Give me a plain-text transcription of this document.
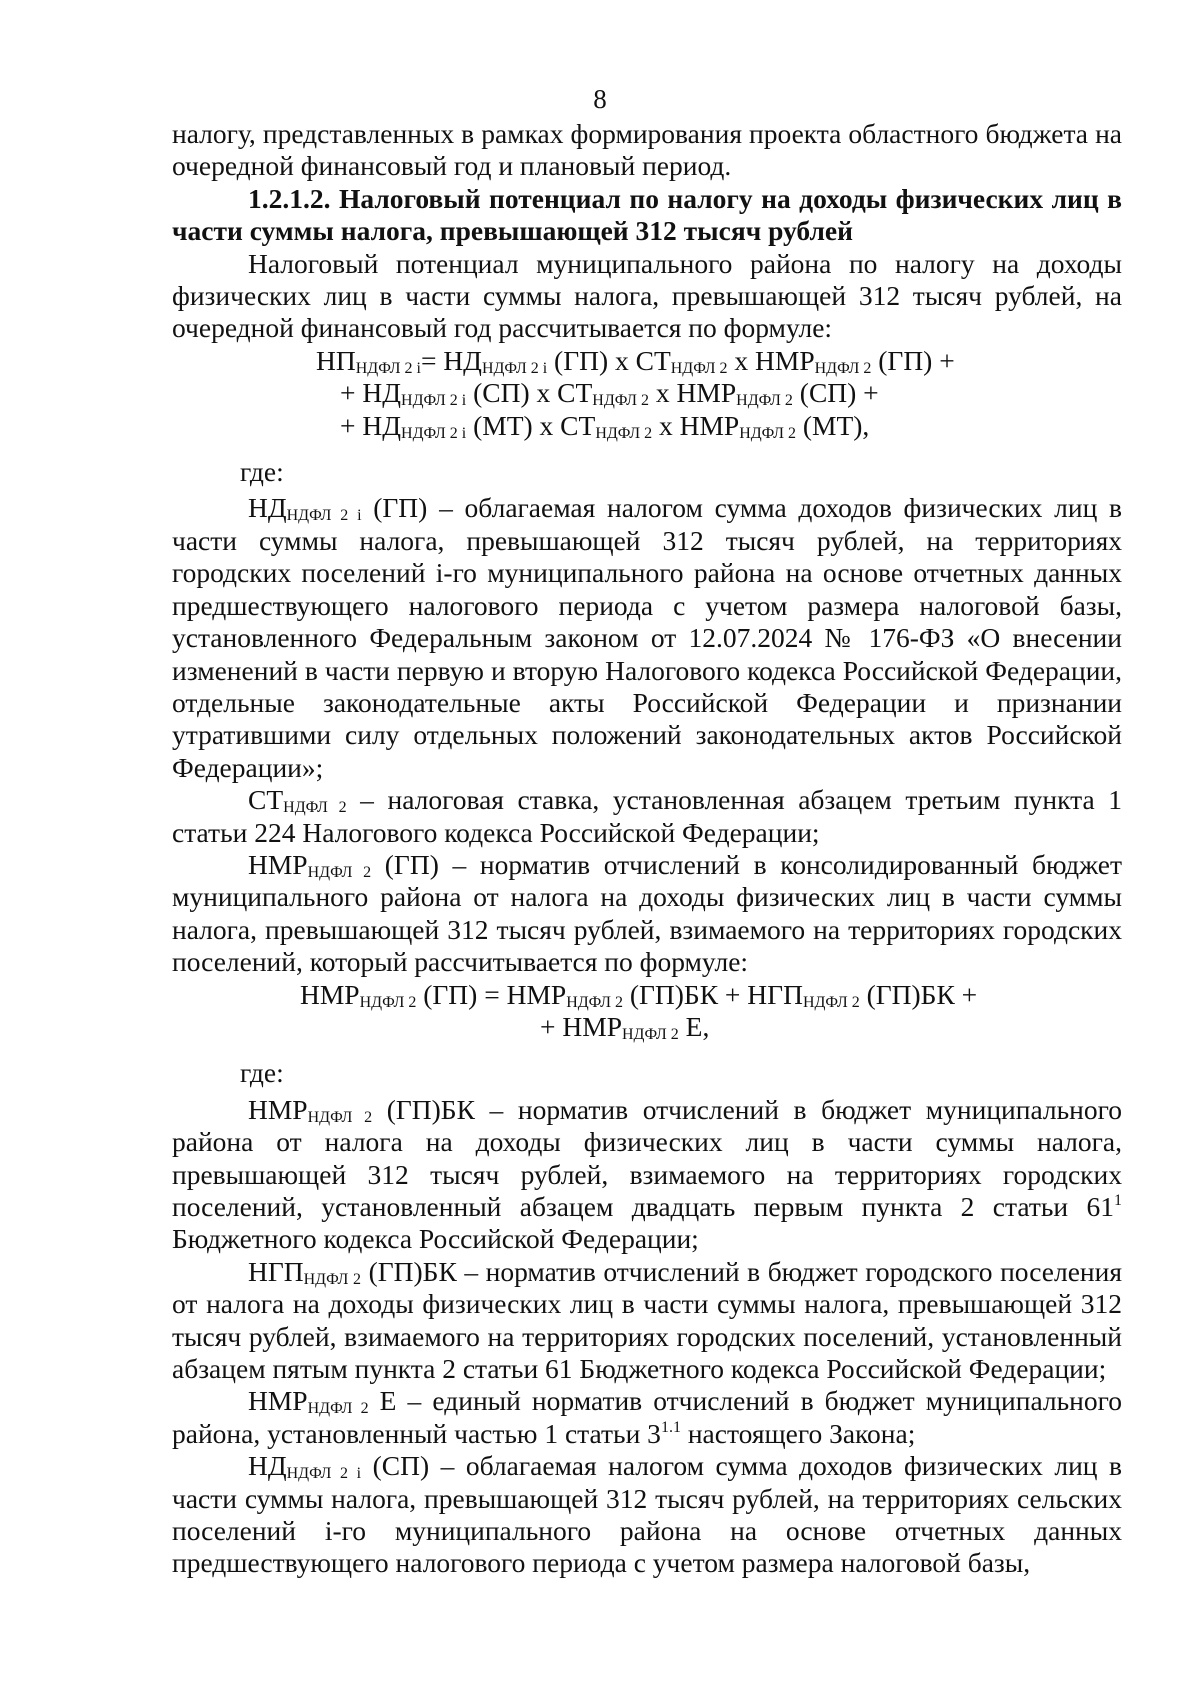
8

налогу, представленных в рамках формирования проекта областного бюджета на очередной финансовый год и плановый период.

1.2.1.2. Налоговый потенциал по налогу на доходы физических лиц в части суммы налога, превышающей 312 тысяч рублей

Налоговый потенциал муниципального района по налогу на доходы физических лиц в части суммы налога, превышающей 312 тысяч рублей, на очередной финансовый год рассчитывается по формуле:

НПНДФЛ 2 i= НДНДФЛ 2 i (ГП) х СТНДФЛ 2 х НМРНДФЛ 2 (ГП) +
+ НДНДФЛ 2 i (СП) х СТНДФЛ 2 х НМРНДФЛ 2 (СП) +
+ НДНДФЛ 2 i (МТ) х СТНДФЛ 2 х НМРНДФЛ 2 (МТ),

где:

НДНДФЛ 2 i (ГП) – облагаемая налогом сумма доходов физических лиц в части суммы налога, превышающей 312 тысяч рублей, на территориях городских поселений i-го муниципального района на основе отчетных данных предшествующего налогового периода с учетом размера налоговой базы, установленного Федеральным законом от 12.07.2024 № 176-ФЗ «О внесении изменений в части первую и вторую Налогового кодекса Российской Федерации, отдельные законодательные акты Российской Федерации и признании утратившими силу отдельных положений законодательных актов Российской Федерации»;

СТНДФЛ 2 – налоговая ставка, установленная абзацем третьим пункта 1 статьи 224 Налогового кодекса Российской Федерации;

НМРНДФЛ 2 (ГП) – норматив отчислений в консолидированный бюджет муниципального района от налога на доходы физических лиц в части суммы налога, превышающей 312 тысяч рублей, взимаемого на территориях городских поселений, который рассчитывается по формуле:

НМРНДФЛ 2 (ГП) = НМРНДФЛ 2 (ГП)БК + НГПНДФЛ 2 (ГП)БК +
+ НМРНДФЛ 2 Е,

где:

НМРНДФЛ 2 (ГП)БК – норматив отчислений в бюджет муниципального района от налога на доходы физических лиц в части суммы налога, превышающей 312 тысяч рублей, взимаемого на территориях городских поселений, установленный абзацем двадцать первым пункта 2 статьи $61^1$ Бюджетного кодекса Российской Федерации;

НГПНДФЛ 2 (ГП)БК – норматив отчислений в бюджет городского поселения от налога на доходы физических лиц в части суммы налога, превышающей 312 тысяч рублей, взимаемого на территориях городских поселений, установленный абзацем пятым пункта 2 статьи 61 Бюджетного кодекса Российской Федерации;

НМРНДФЛ 2 Е – единый норматив отчислений в бюджет муниципального района, установленный частью 1 статьи $3^{1.1}$ настоящего Закона;

НДНДФЛ 2 i (СП) – облагаемая налогом сумма доходов физических лиц в части суммы налога, превышающей 312 тысяч рублей, на территориях сельских поселений i-го муниципального района на основе отчетных данных предшествующего налогового периода с учетом размера налоговой базы,
